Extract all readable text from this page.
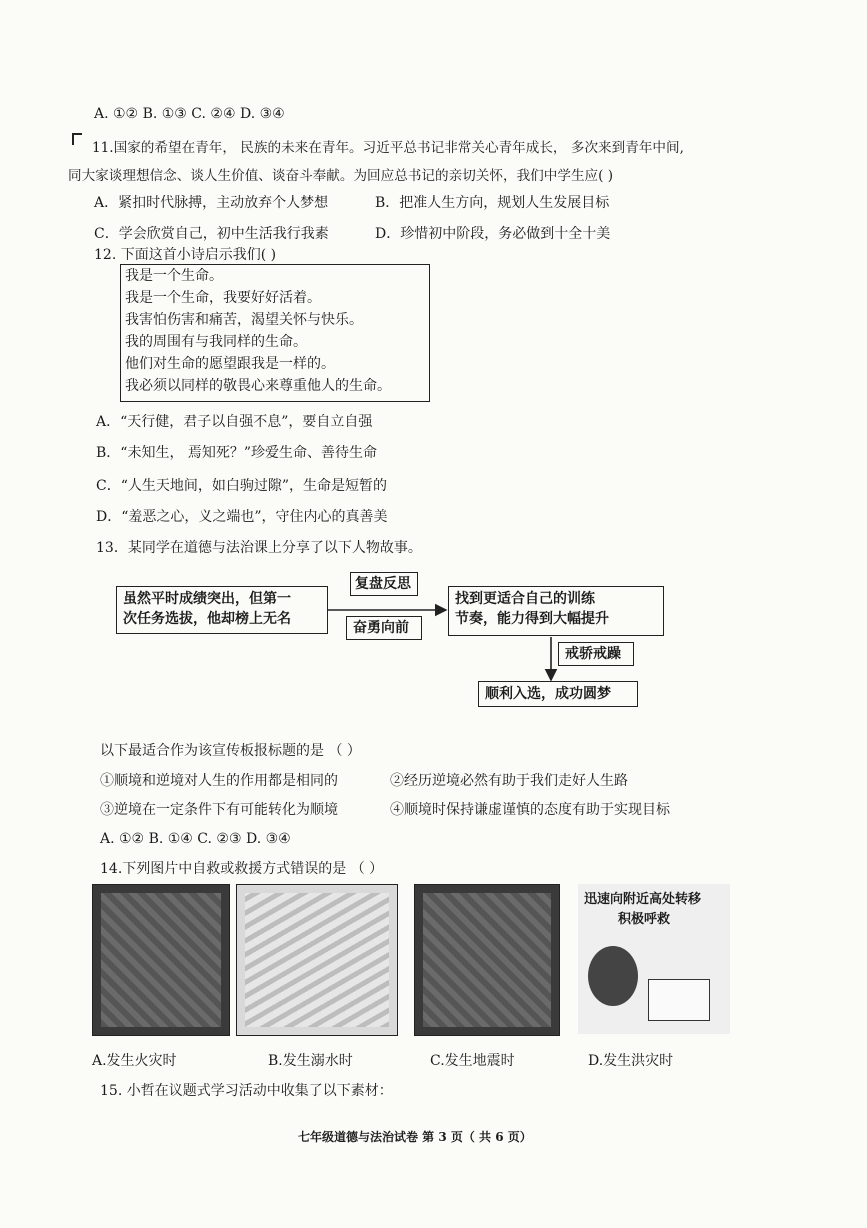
A. ①② B. ①③ C. ②④ D. ③④
11.国家的希望在青年， 民族的未来在青年。习近平总书记非常关心青年成长， 多次来到青年中间,
同大家谈理想信念、谈人生价值、谈奋斗奉献。为回应总书记的亲切关怀，我们中学生应( )
A．紧扣时代脉搏，主动放弃个人梦想	B．把准人生方向，规划人生发展目标
C．学会欣赏自己，初中生活我行我素	D．珍惜初中阶段，务必做到十全十美
12. 下面这首小诗启示我们( )
我是一个生命。
我是一个生命，我要好好活着。
我害怕伤害和痛苦，渴望关怀与快乐。
我的周围有与我同样的生命。
他们对生命的愿望跟我是一样的。
我必须以同样的敬畏心来尊重他人的生命。
A．“天行健，君子以自强不息”，要自立自强
B．“未知生， 焉知死？”珍爱生命、善待生命
C．“人生天地间，如白驹过隙”，生命是短暂的
D．“羞恶之心，义之端也”，守住内心的真善美
13．某同学在道德与法治课上分享了以下人物故事。
虽然平时成绩突出，但第一
次任务选拔，他却榜上无名
复盘反思
奋勇向前
找到更适合自己的训练
节奏，能力得到大幅提升
戒骄戒躁
顺利入选，成功圆梦
以下最适合作为该宣传板报标题的是 （ ）
①顺境和逆境对人生的作用都是相同的	②经历逆境必然有助于我们走好人生路
③逆境在一定条件下有可能转化为顺境	④顺境时保持谦虚谨慎的态度有助于实现目标
A. ①② B. ①④ C. ②③ D. ③④
14.下列图片中自救或救援方式错误的是 （ ）
迅速向附近高处转移
积极呼救
A.发生火灾时	B.发生溺水时	C.发生地震时	D.发生洪灾时
15. 小哲在议题式学习活动中收集了以下素材：
七年级道德与法治试卷 第 3 页（ 共 6 页）
